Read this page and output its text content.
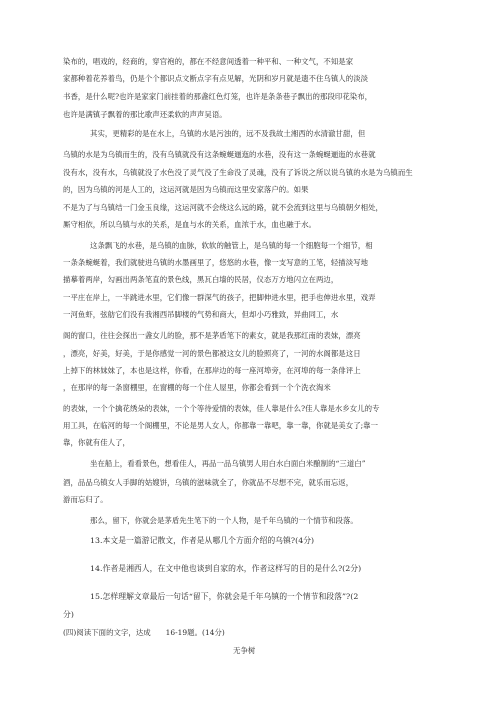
染布的，唱戏的，经商的，穿官袍的，都在不经意间透着一种平和、一种文气，不知是家
家都种着花养着鸟，仍是个个都识点文断点字有点见解，光阴和岁月就是遗不住乌镇人的淡淡
书香，是什么呢?也许是家家门前挂着的那盏红色灯笼，也许是条条巷子飘出的那段印花染布，
也许是满镇子飘着的那比歌声还柔软的声声吴语。
其实，更精彩的是在水上，乌镇的水是污浊的，远不及我故土湘西的水清澈甘甜，但
乌镇的水是为乌镇而生的，没有乌镇就没有这条蜿蜒逦迤的水巷，没有这一条蜿蜒逦迤的水巷就
没有水，没有水，乌镇就没了水色没了灵气没了生命没了灵魂，没有了诉说之所以说乌镇的水是为乌镇而生
的，因为乌镇的河是人工的，这运河就是因为乌镇而这里安家落户的。如果
不是为了与乌镇结一门金玉良缘，这运河就不会绕这么远的路，就不会流到这里与乌镇朝夕相处，
厮守相依，所以乌镇与水的关系，是血与水的关系，血浓于水，血也融于水。
这条飘飞的水巷，是乌镇的血脉，软软的触管上，是乌镇的每一个细胞每一个细节，相
一条条蜿蜒着，我们就驶进乌镇的水墨画里了，悠悠的水巷，像一支写意的工笔，轻描淡写地
描摹着两岸，勾画出两条笔直的景色线，黑瓦白墙的民居，仪态万方地闪立在两边，
一平庄在岸上，一半跳进水里，它们像一群深气的孩子，把脚伸进水里，把手也伸进水里，戏弄
一河鱼虾，弦舫它们没有我湘西吊脚楼的气势和商大，但却小巧雅致，异曲同工，水
阁的窗口，往往会探出一盏女儿的脸，那不是茅盾笔下的素女，就是我那红南的表妹，漂亮
，漂亮，好美，好美，于是你感觉一河的景色都被这女儿的脸照亮了，一河的水阁都是这日
上掉下的林妹妹了，本也是这样，你看，在那岸边的每一座河埠旁，在河埠的每一条俳评上
，在那岸的每一条窗棚里，在窗棚的每一个住人屋里，你都会看到一个个洗衣淘米
的表妹，一个个擒花绣朵的表妹，一个个等待爱情的表妹，佳人靠是什么?佳人靠是水乡女儿的专
用工具，在临河的每一个阁棚里，不论是男人女人，你都靠一靠吧，靠一靠，你就是美女了;靠一
靠，你就有佳人了，
坐在船上，看看景色，想看佳人，再品一品乌镇男人用白水白面白米酿制的“三道白”
酒，品品乌镇女人手脚的姑嫂饼，乌镇的滋味就全了，你就品不尽想不完，就乐而忘返，
游而忘归了。
那么，留下，你就会是茅盾先生笔下的一个人物，是千年乌镇的一个情节和段落。
13.本文是一篇游记散文，作者是从哪几个方面介绍的乌镇?(4分)
14.作者是湘西人，在文中他也谈到自家的水，作者这样写的目的是什么?(2分)
15.怎样理解文章最后一句话“留下，你就会是千年乌镇的一个情节和段落”?(2
分)
(四)阅读下面的文字，达成　　16-19题。(14分)
无争树
